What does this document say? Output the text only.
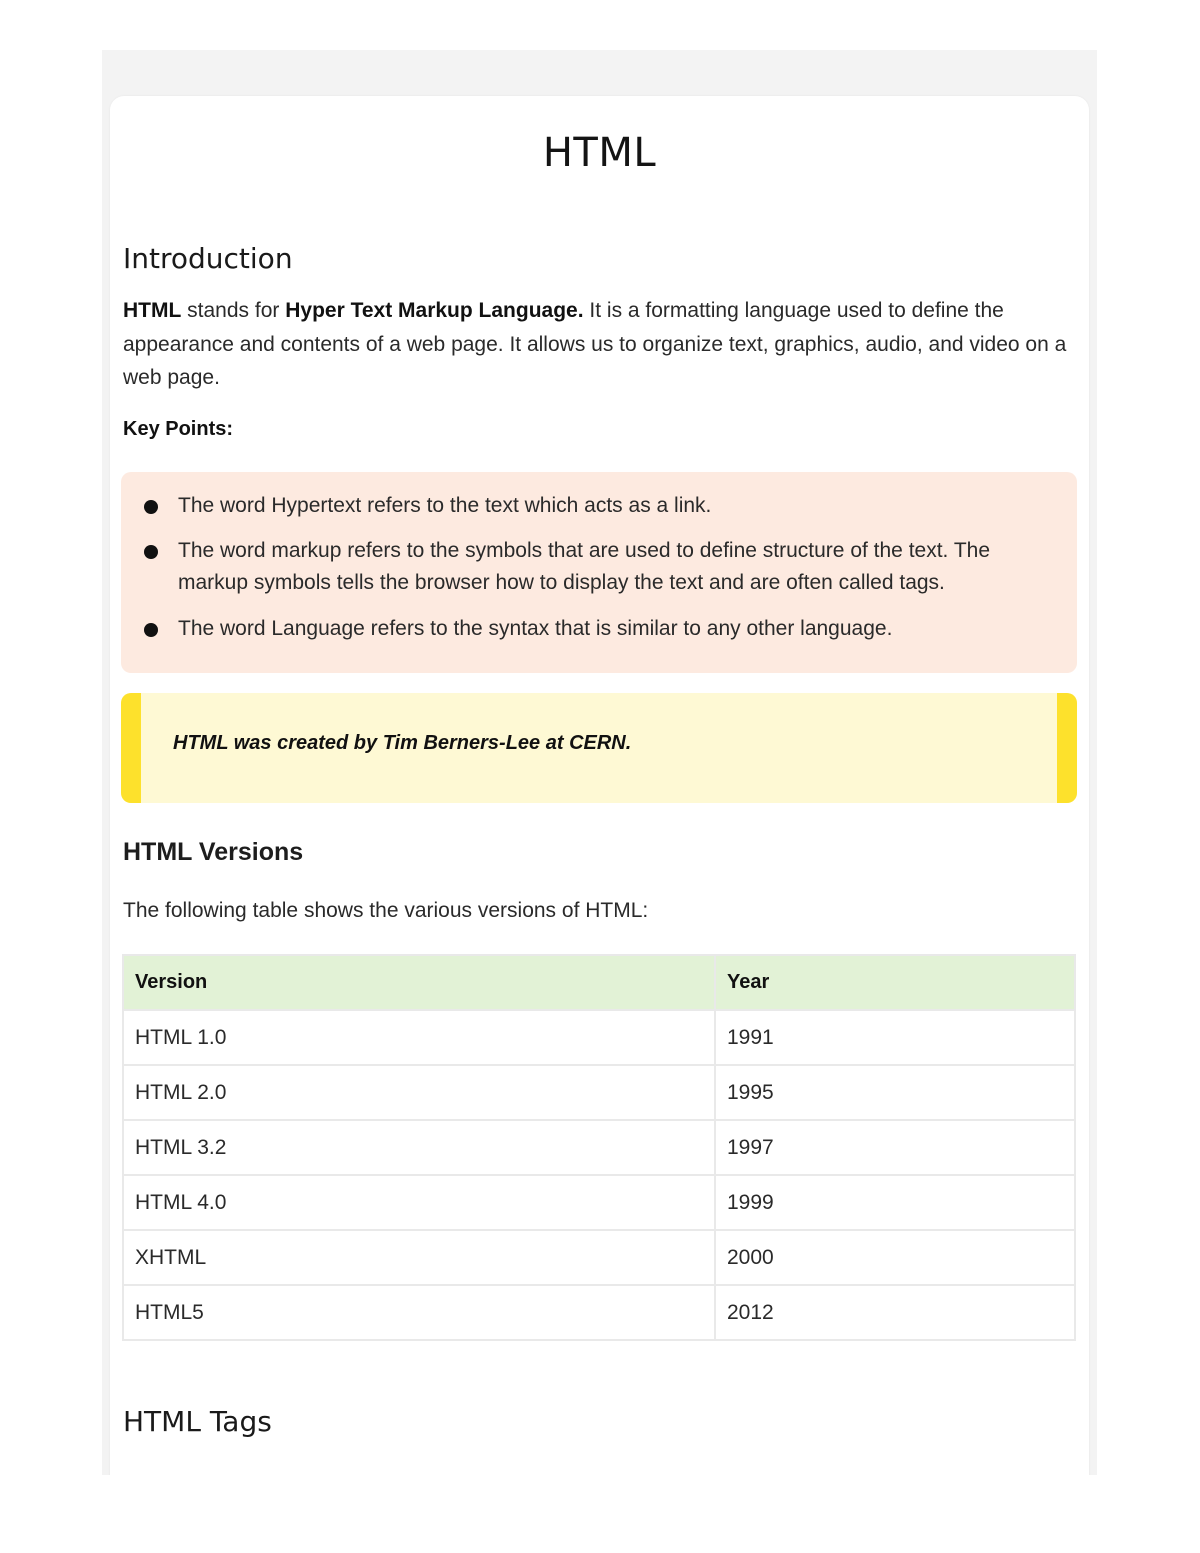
HTML
Introduction

HTML stands for Hyper Text Markup Language. It is a formatting language used to define the appearance and contents of a web page. It allows us to organize text, graphics, audio, and video on a web page.

Key Points:

The word Hypertext refers to the text which acts as a link.
The word markup refers to the symbols that are used to define structure of the text. The markup symbols tells the browser how to display the text and are often called tags.
The word Language refers to the syntax that is similar to any other language.

HTML was created by Tim Berners-Lee at CERN.

HTML Versions

The following table shows the various versions of HTML:

Version	Year
HTML 1.0	1991
HTML 2.0	1995
HTML 3.2	1997
HTML 4.0	1999
XHTML	2000
HTML5	2012
HTML Tags
